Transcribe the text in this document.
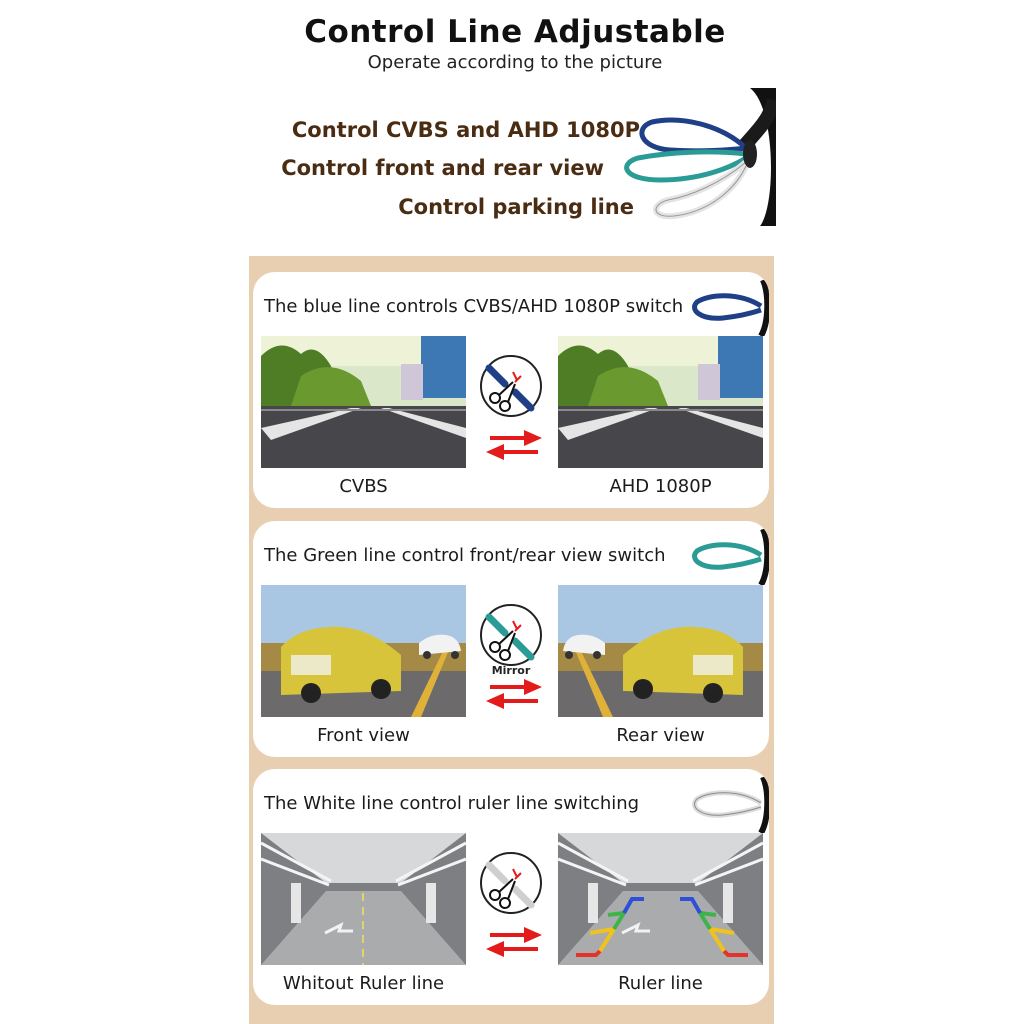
Control Line Adjustable
Operate according to the picture
Control CVBS and AHD 1080P
Control front and rear view
Control parking line
The blue line controls CVBS/AHD 1080P switch
CVBS	AHD 1080P
The Green line control front/rear view switch
Mirror
Front view	Rear view
The White line control ruler line switching
Whitout Ruler line	Ruler line
